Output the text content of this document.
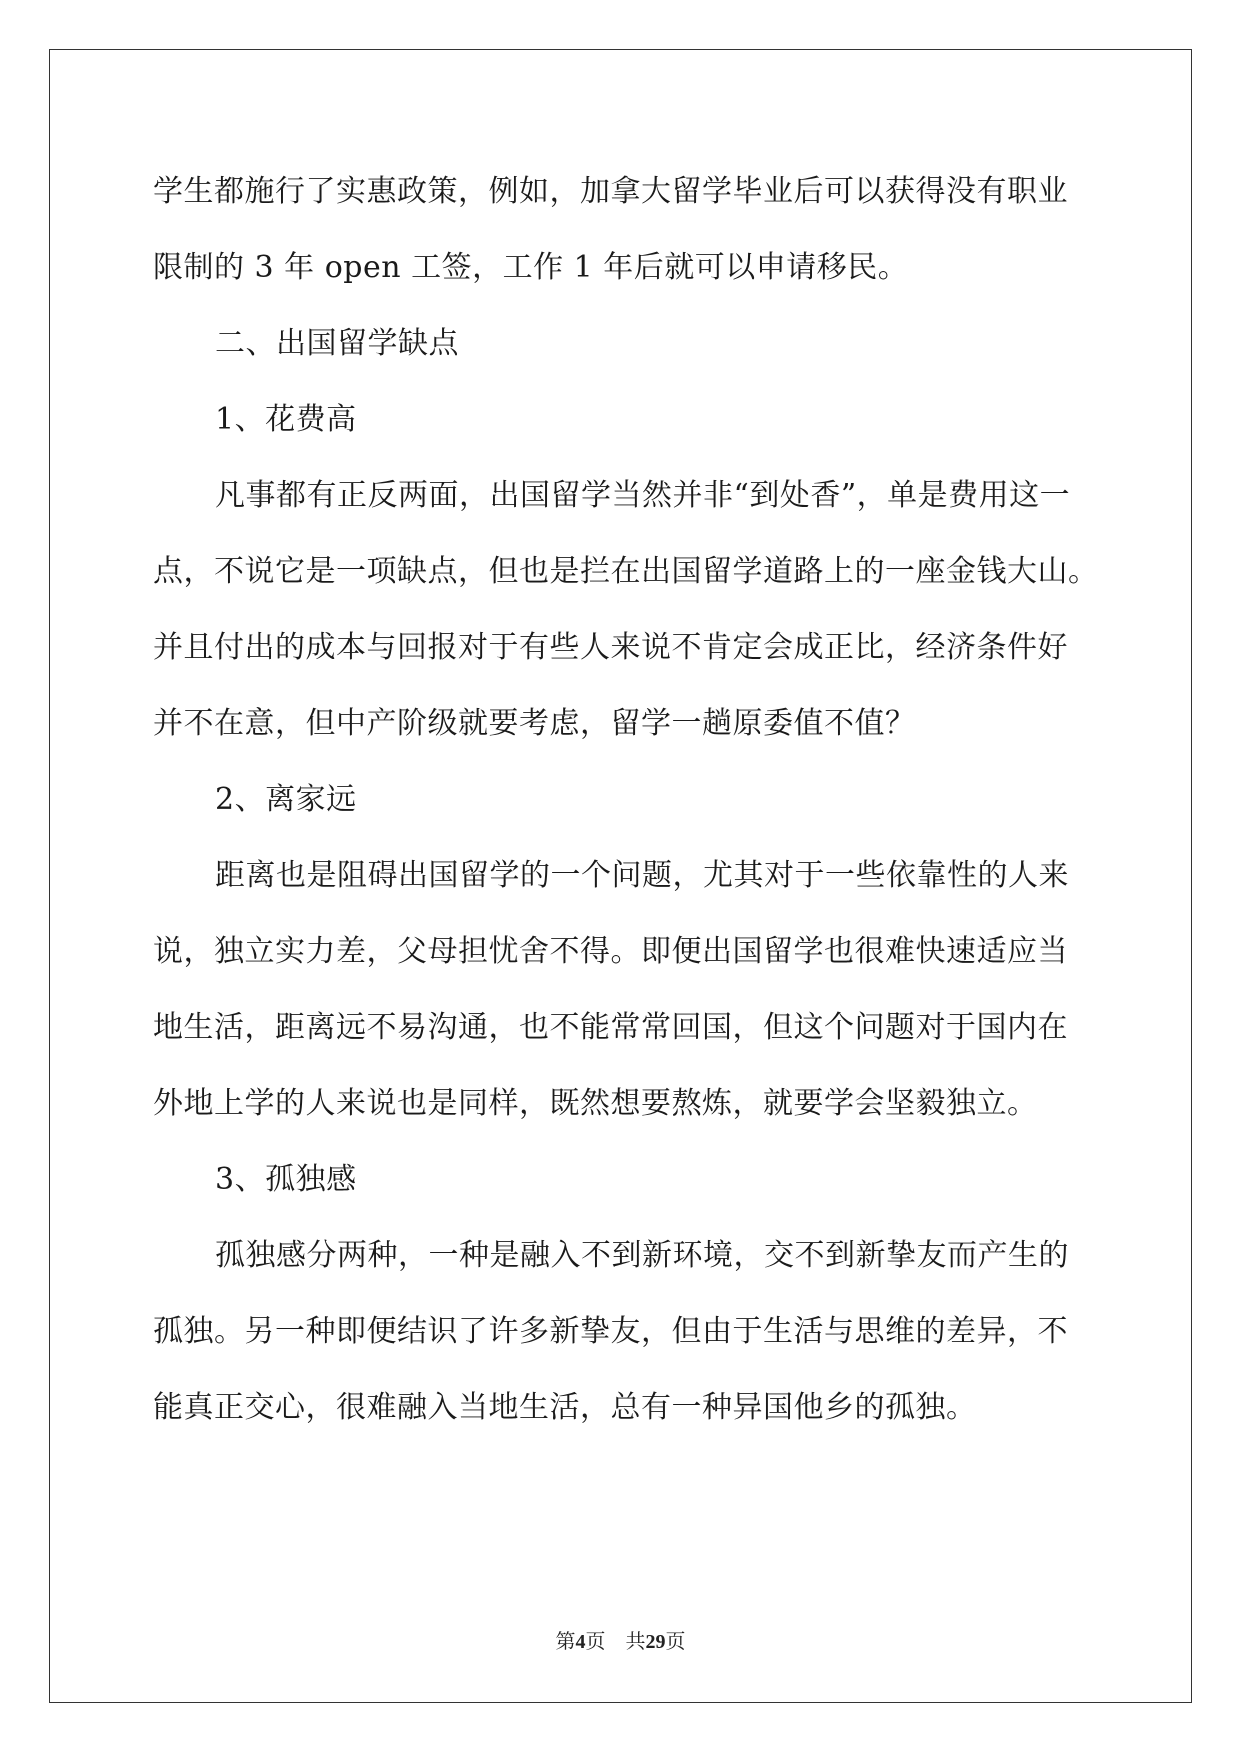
学生都施行了实惠政策，例如，加拿大留学毕业后可以获得没有职业
限制的 3 年 open 工签，工作 1 年后就可以申请移民。
二、出国留学缺点
1、花费高
凡事都有正反两面，出国留学当然并非“到处香”，单是费用这一
点，不说它是一项缺点，但也是拦在出国留学道路上的一座金钱大山。
并且付出的成本与回报对于有些人来说不肯定会成正比，经济条件好
并不在意，但中产阶级就要考虑，留学一趟原委值不值？
2、离家远
距离也是阻碍出国留学的一个问题，尤其对于一些依靠性的人来
说，独立实力差，父母担忧舍不得。即便出国留学也很难快速适应当
地生活，距离远不易沟通，也不能常常回国，但这个问题对于国内在
外地上学的人来说也是同样，既然想要熬炼，就要学会坚毅独立。
3、孤独感
孤独感分两种，一种是融入不到新环境，交不到新挚友而产生的
孤独。另一种即便结识了许多新挚友，但由于生活与思维的差异，不
能真正交心，很难融入当地生活，总有一种异国他乡的孤独。
第4页 共29页
